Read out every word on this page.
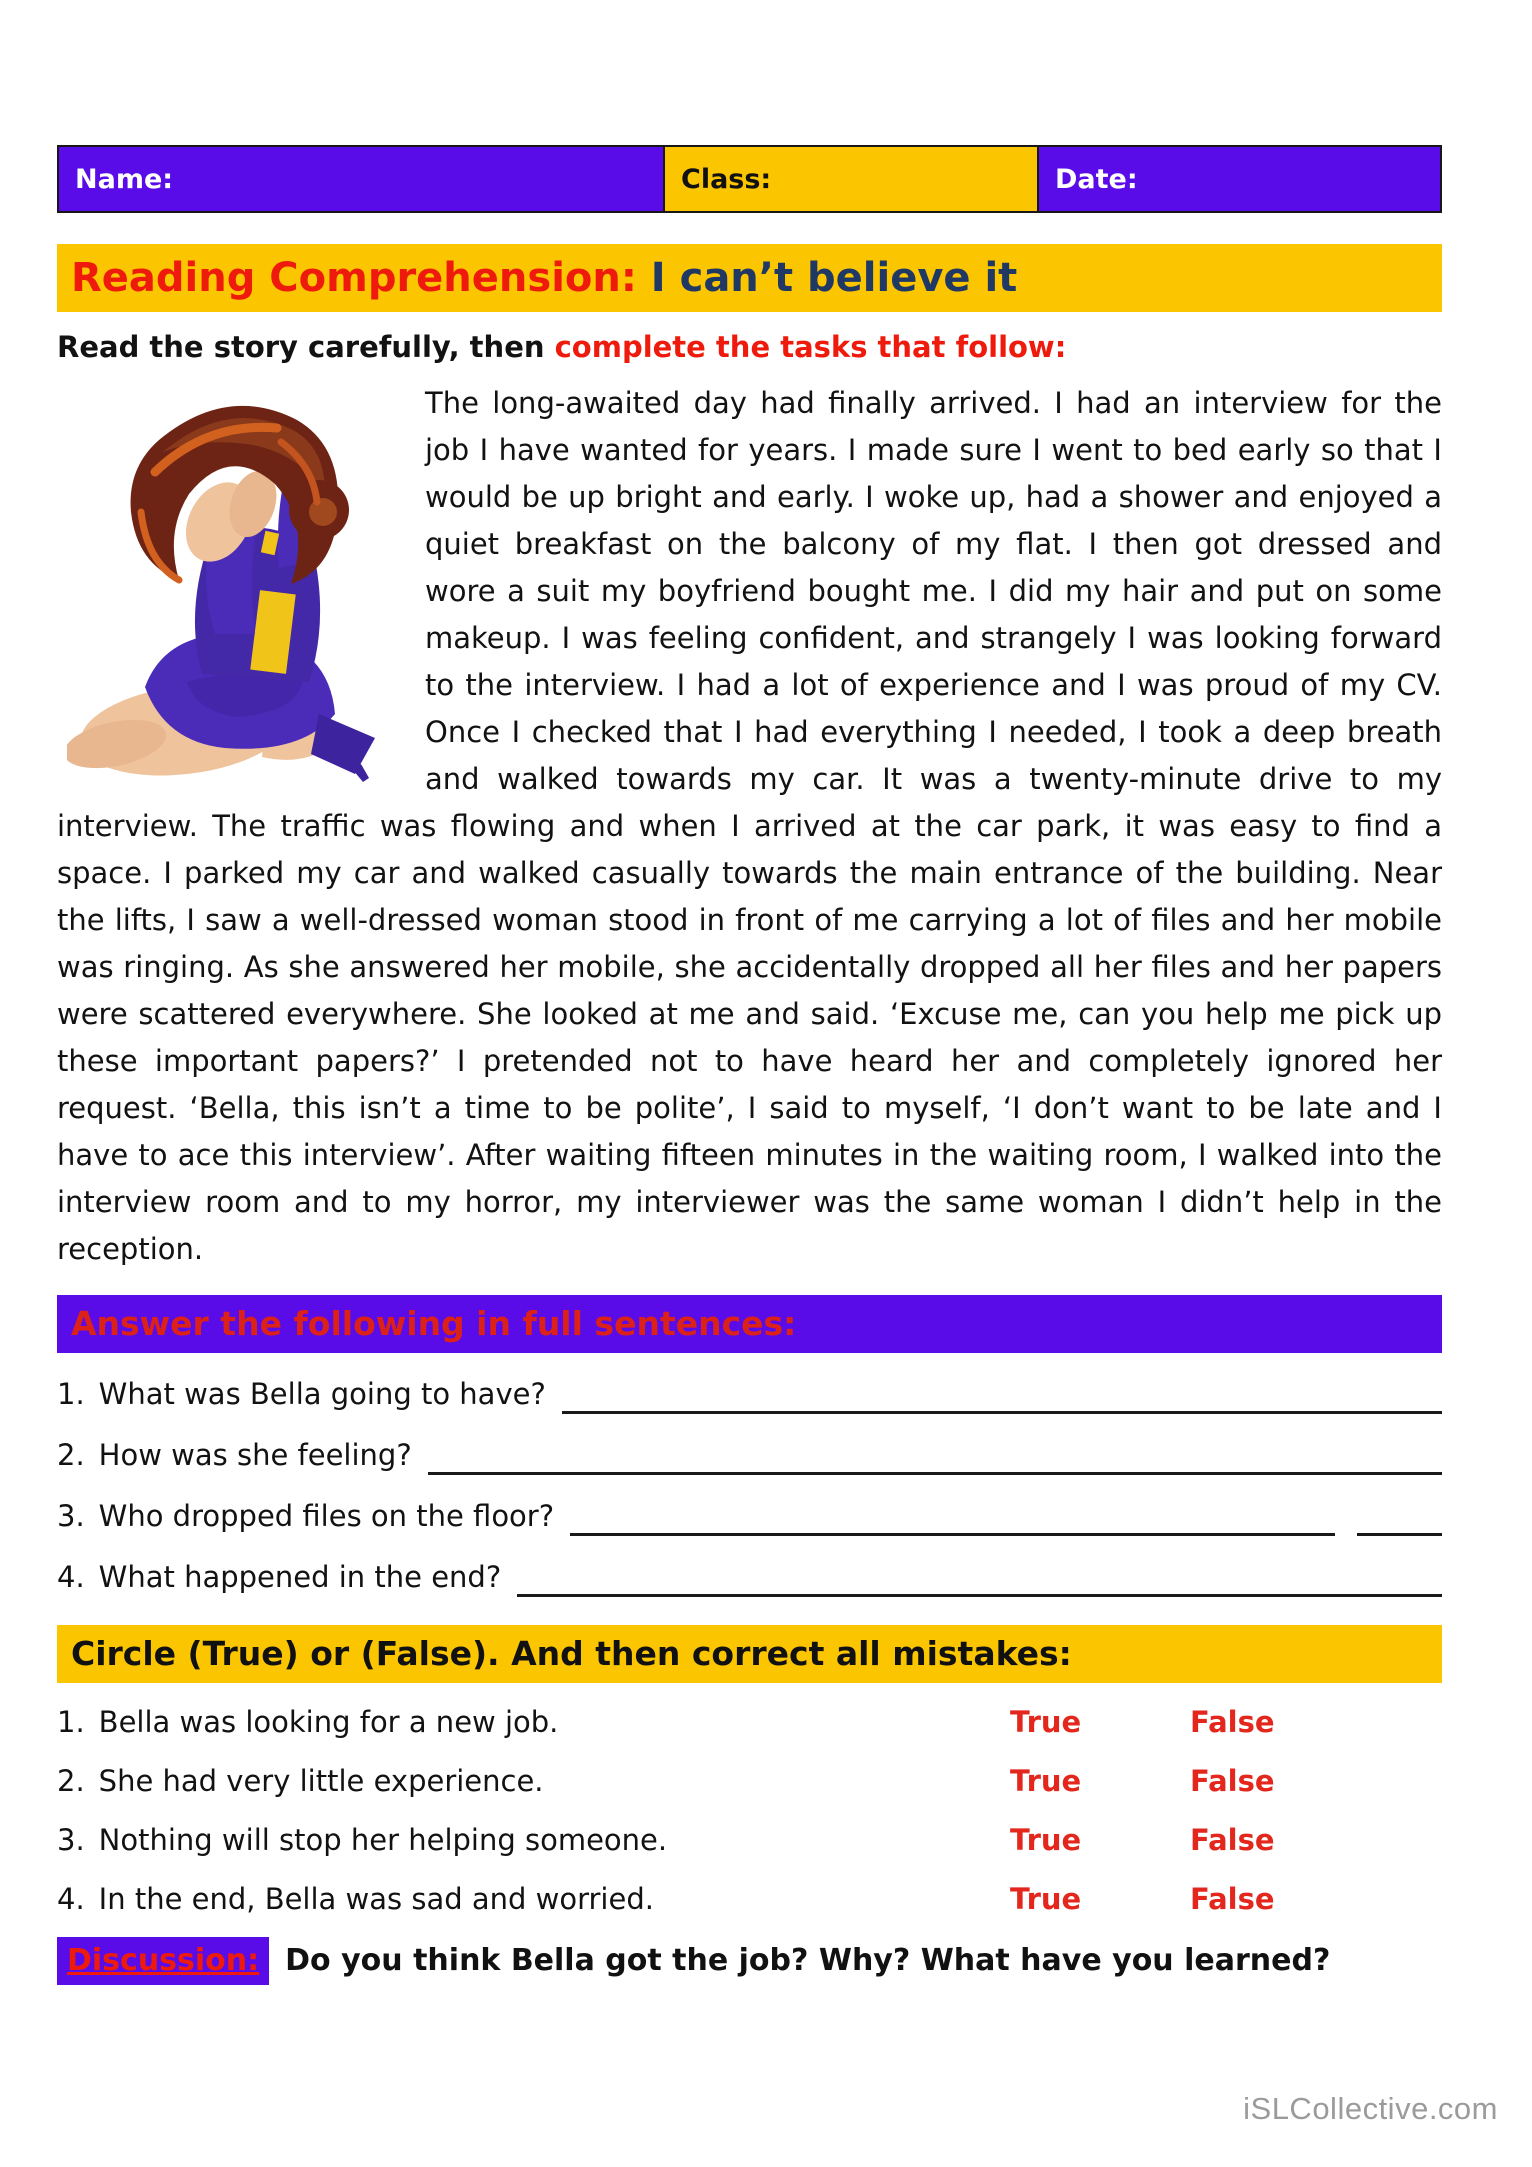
Name:	Class:	Date:
Reading Comprehension: I can’t believe it
Read the story carefully, then complete the tasks that follow:

The long-awaited day had finally arrived. I had an interview for the job I have wanted for years. I made sure I went to bed early so that I would be up bright and early. I woke up, had a shower and enjoyed a quiet breakfast on the balcony of my flat. I then got dressed and wore a suit my boyfriend bought me. I did my hair and put on some makeup. I was feeling confident, and strangely I was looking forward to the interview. I had a lot of experience and I was proud of my CV. Once I checked that I had everything I needed, I took a deep breath and walked towards my car. It was a twenty-minute drive to my interview. The traffic was flowing and when I arrived at the car park, it was easy to find a space. I parked my car and walked casually towards the main entrance of the building. Near the lifts, I saw a well-dressed woman stood in front of me carrying a lot of files and her mobile was ringing. As she answered her mobile, she accidentally dropped all her files and her papers were scattered everywhere. She looked at me and said. ‘Excuse me, can you help me pick up these important papers?’ I pretended not to have heard her and completely ignored her request. ‘Bella, this isn’t a time to be polite’, I said to myself, ‘I don’t want to be late and I have to ace this interview’. After waiting fifteen minutes in the waiting room, I walked into the interview room and to my horror, my interviewer was the same woman I didn’t help in the reception.

Answer the following in full sentences:
1. What was Bella going to have?
2. How was she feeling?
3. Who dropped files on the floor?
4. What happened in the end?
Circle (True) or (False). And then correct all mistakes:
1. Bella was looking for a new job.	True	False
2. She had very little experience.	True	False
3. Nothing will stop her helping someone.	True	False
4. In the end, Bella was sad and worried.	True	False
Discussion: Do you think Bella got the job? Why? What have you learned?
iSLCollective.com
